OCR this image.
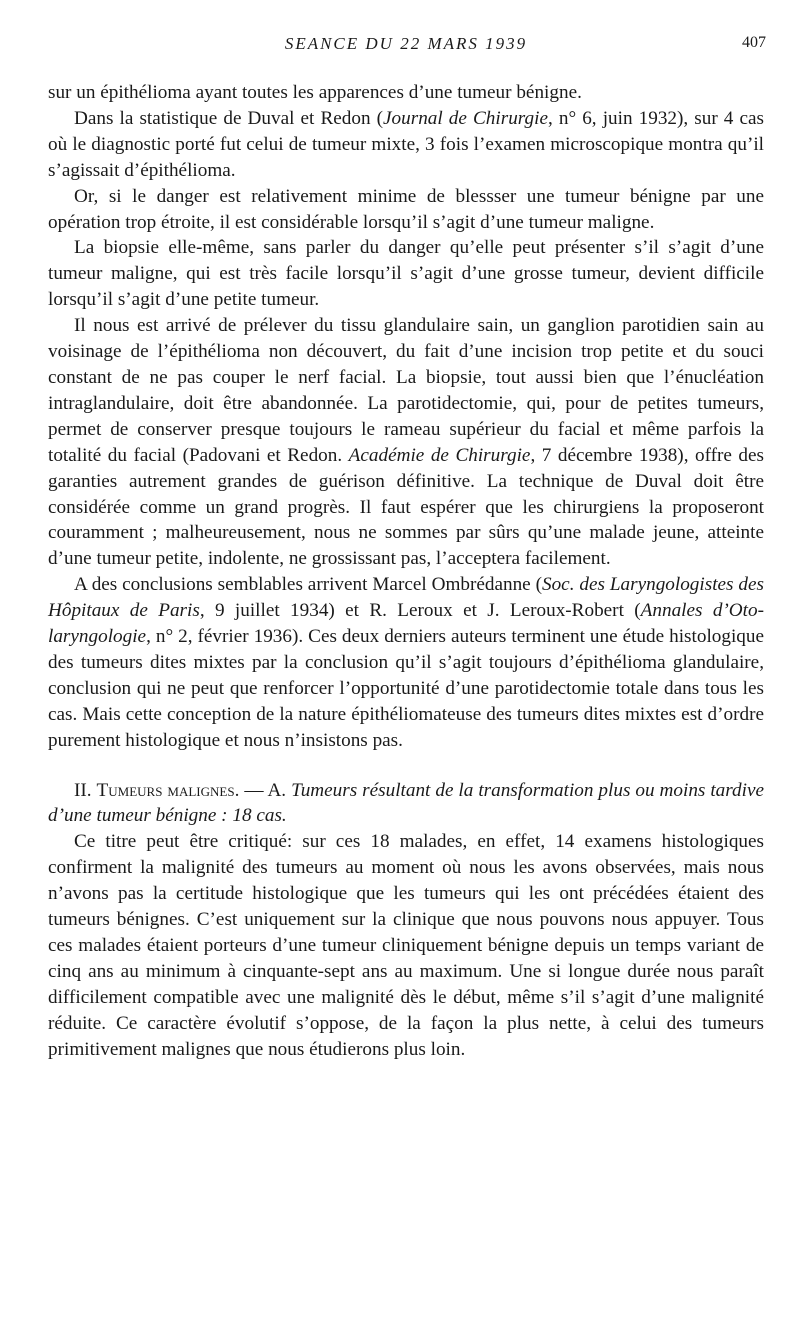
SEANCE DU 22 MARS 1939	407

sur un épithélioma ayant toutes les apparences d’une tumeur bénigne.

Dans la statistique de Duval et Redon (Journal de Chirurgie, n° 6, juin 1932), sur 4 cas où le diagnostic porté fut celui de tumeur mixte, 3 fois l’examen microscopique montra qu’il s’agissait d’épithélioma.

Or, si le danger est relativement minime de blessser une tumeur bénigne par une opération trop étroite, il est considérable lorsqu’il s’agit d’une tumeur maligne.

La biopsie elle-même, sans parler du danger qu’elle peut présenter s’il s’agit d’une tumeur maligne, qui est très facile lorsqu’il s’agit d’une grosse tumeur, devient difficile lorsqu’il s’agit d’une petite tumeur.

Il nous est arrivé de prélever du tissu glandulaire sain, un ganglion parotidien sain au voisinage de l’épithélioma non découvert, du fait d’une incision trop petite et du souci constant de ne pas couper le nerf facial. La biopsie, tout aussi bien que l’énucléation intraglandulaire, doit être abandonnée. La parotidectomie, qui, pour de petites tumeurs, permet de conserver presque toujours le rameau supérieur du facial et même parfois la totalité du facial (Padovani et Redon. Académie de Chirurgie, 7 décembre 1938), offre des garanties autrement grandes de guérison définitive. La technique de Duval doit être considérée comme un grand progrès. Il faut espérer que les chirurgiens la proposeront couramment ; malheureusement, nous ne sommes par sûrs qu’une malade jeune, atteinte d’une tumeur petite, indolente, ne grossissant pas, l’acceptera facilement.

A des conclusions semblables arrivent Marcel Ombrédanne (Soc. des Laryngologistes des Hôpitaux de Paris, 9 juillet 1934) et R. Leroux et J. Leroux-Robert (Annales d’Oto-laryngologie, n° 2, février 1936). Ces deux derniers auteurs terminent une étude histologique des tumeurs dites mixtes par la conclusion qu’il s’agit toujours d’épithélioma glandulaire, conclusion qui ne peut que renforcer l’opportunité d’une parotidectomie totale dans tous les cas. Mais cette conception de la nature épithéliomateuse des tumeurs dites mixtes est d’ordre purement histologique et nous n’insistons pas.

II. Tumeurs malignes. — A. Tumeurs résultant de la transformation plus ou moins tardive d’une tumeur bénigne : 18 cas.

Ce titre peut être critiqué: sur ces 18 malades, en effet, 14 examens histologiques confirment la malignité des tumeurs au moment où nous les avons observées, mais nous n’avons pas la certitude histologique que les tumeurs qui les ont précédées étaient des tumeurs bénignes. C’est uniquement sur la clinique que nous pouvons nous appuyer. Tous ces malades étaient porteurs d’une tumeur cliniquement bénigne depuis un temps variant de cinq ans au minimum à cinquante-sept ans au maximum. Une si longue durée nous paraît difficilement compatible avec une malignité dès le début, même s’il s’agit d’une malignité réduite. Ce caractère évolutif s’oppose, de la façon la plus nette, à celui des tumeurs primitivement malignes que nous étudierons plus loin.
